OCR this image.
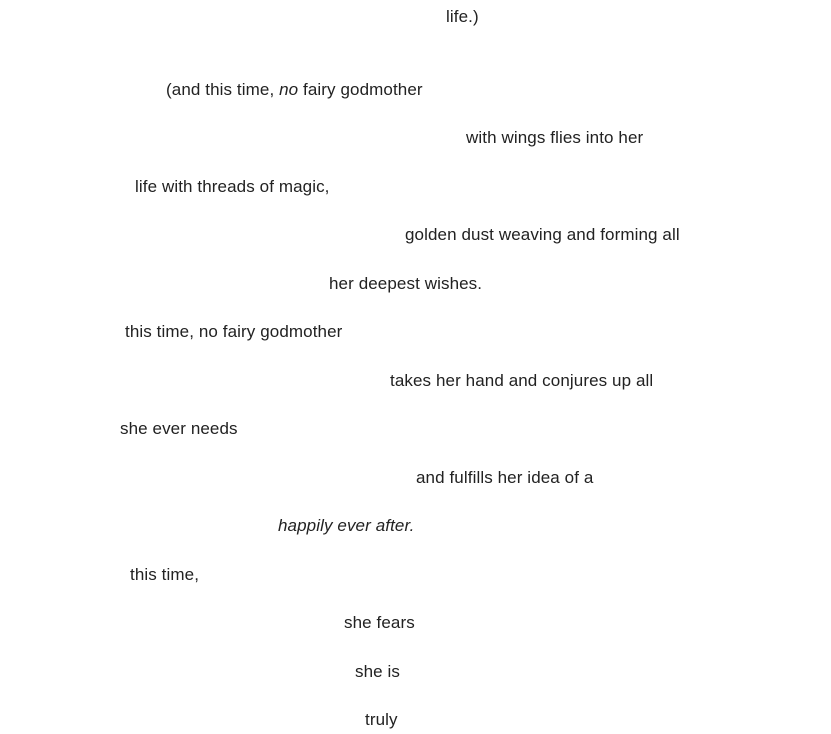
life.)
(and this time, no fairy godmother
with wings flies into her
life with threads of magic,
golden dust weaving and forming all
her deepest wishes.
this time, no fairy godmother
takes her hand and conjures up all
she ever needs
and fulfills her idea of a
happily ever after.
this time,
she fears
she is
truly
